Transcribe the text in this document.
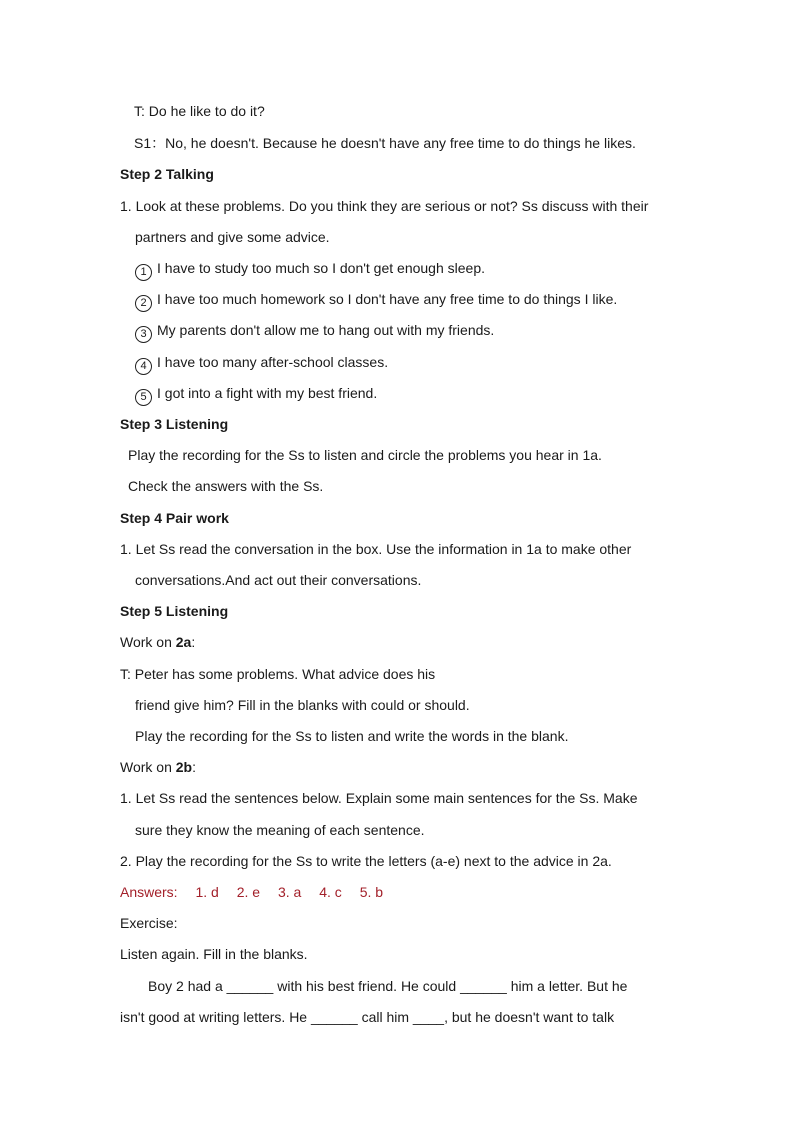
T: Do he like to do it?
S1：No, he doesn't. Because he doesn't have any free time to do things he likes.
Step 2 Talking
1. Look at these problems. Do you think they are serious or not? Ss discuss with their
partners and give some advice.
1 I have to study too much so I don't get enough sleep.
2 I have too much homework so I don't have any free time to do things I like.
3 My parents don't allow me to hang out with my friends.
4 I have too many after-school classes.
5 I got into a fight with my best friend.
Step 3 Listening
Play the recording for the Ss to listen and circle the problems you hear in 1a.
Check the answers with the Ss.
Step 4 Pair work
1. Let Ss read the conversation in the box. Use the information in 1a to make other
conversations.And act out their conversations.
Step 5 Listening
Work on 2a:
T: Peter has some problems. What advice does his
friend give him? Fill in the blanks with could or should.
Play the recording for the Ss to listen and write the words in the blank.
Work on 2b:
1. Let Ss read the sentences below. Explain some main sentences for the Ss. Make
sure they know the meaning of each sentence.
2. Play the recording for the Ss to write the letters (a-e) next to the advice in 2a.
Answers: 1. d 2. e 3. a 4. c 5. b
Exercise:
Listen again. Fill in the blanks.
Boy 2 had a ______ with his best friend. He could ______ him a letter. But he
isn't good at writing letters. He ______ call him ____, but he doesn't want to talk
